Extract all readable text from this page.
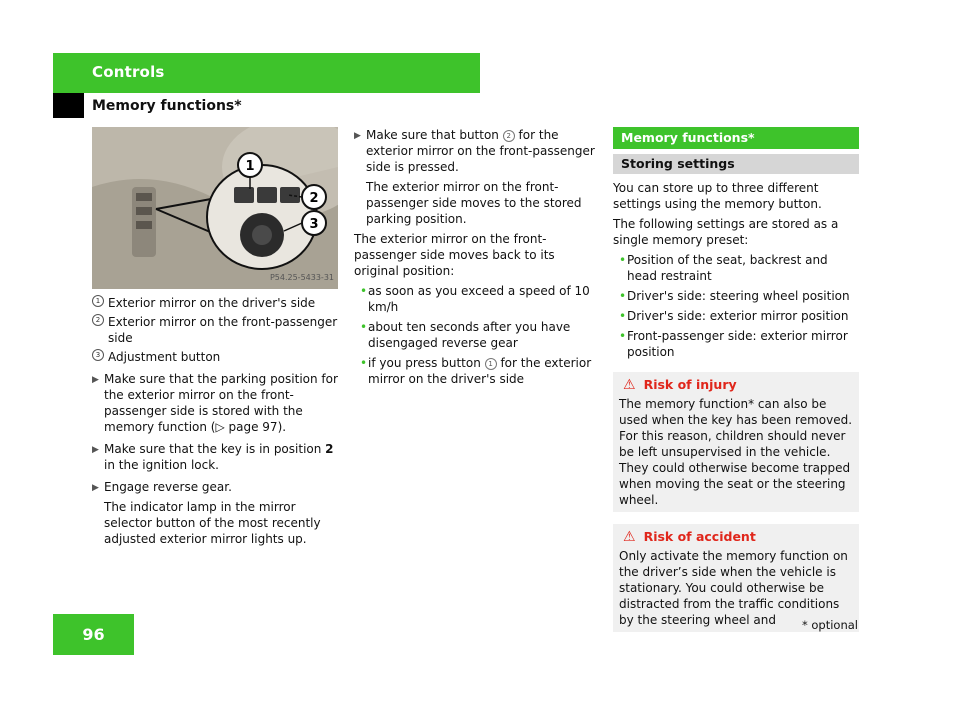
Controls
Memory functions*
1
2
3
P54.25-5433-31
1 Exterior mirror on the driver's side
2 Exterior mirror on the front-passenger side
3 Adjustment button
▶ Make sure that the parking position for the exterior mirror on the front-passenger side is stored with the memory function (▷ page 97).
▶ Make sure that the key is in position 2 in the ignition lock.
▶ Engage reverse gear.
The indicator lamp in the mirror selector button of the most recently adjusted exterior mirror lights up.
▶ Make sure that button 2 for the exterior mirror on the front-passenger side is pressed.
The exterior mirror on the front-passenger side moves to the stored parking position.
The exterior mirror on the front-passenger side moves back to its original position:
• as soon as you exceed a speed of 10 km/h
• about ten seconds after you have disengaged reverse gear
• if you press button 1 for the exterior mirror on the driver's side
Memory functions*
Storing settings
You can store up to three different settings using the memory button.
The following settings are stored as a single memory preset:
• Position of the seat, backrest and head restraint
• Driver's side: steering wheel position
• Driver's side: exterior mirror position
• Front-passenger side: exterior mirror position
⚠ Risk of injury
The memory function* can also be used when the key has been removed. For this reason, children should never be left unsupervised in the vehicle. They could otherwise become trapped when moving the seat or the steering wheel.
⚠ Risk of accident
Only activate the memory function on the driver’s side when the vehicle is stationary. You could otherwise be distracted from the traffic conditions by the steering wheel and
96	* optional
